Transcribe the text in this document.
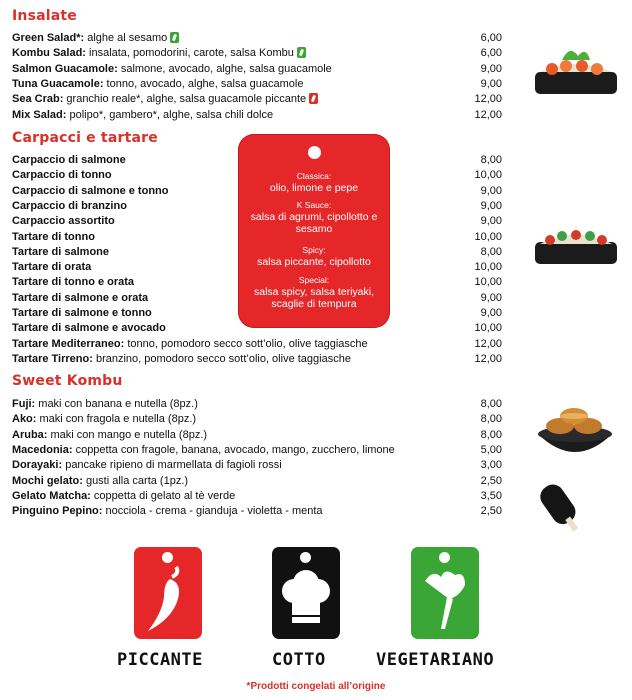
Insalate
Carpacci e tartare
Sweet Kombu
Green Salad*: alghe al sesamo	6,00
Kombu Salad: insalata, pomodorini, carote, salsa Kombu	6,00
Salmon Guacamole: salmone, avocado, alghe, salsa guacamole	9,00
Tuna Guacamole: tonno, avocado, alghe, salsa guacamole	9,00
Sea Crab: granchio reale*, alghe, salsa guacamole piccante	12,00
Mix Salad: polipo*, gambero*, alghe, salsa chili dolce	12,00
Carpaccio di salmone	8,00
Carpaccio di tonno	10,00
Carpaccio di salmone e tonno	9,00
Carpaccio di branzino	9,00
Carpaccio assortito	9,00
Tartare di tonno	10,00
Tartare di salmone	8,00
Tartare di orata	10,00
Tartare di tonno e orata	10,00
Tartare di salmone e orata	9,00
Tartare di salmone e tonno	9,00
Tartare di salmone e avocado	10,00
Tartare Mediterraneo: tonno, pomodoro secco sott’olio, olive taggiasche	12,00
Tartare Tirreno: branzino, pomodoro secco sott’olio, olive taggiasche	12,00
Fuji: maki con banana e nutella (8pz.)	8,00
Ako: maki con fragola e nutella (8pz.)	8,00
Aruba: maki con mango e nutella (8pz.)	8,00
Macedonia: coppetta con fragole, banana, avocado, mango, zucchero, limone	5,00
Dorayaki: pancake ripieno di marmellata di fagioli rossi	3,00
Mochi gelato: gusti alla carta (1pz.)	2,50
Gelato Matcha: coppetta di gelato al tè verde	3,50
Pinguino Pepino: nocciola - crema - gianduja - violetta - menta	2,50
Classica:
olio, limone e pepe
K Sauce:
salsa di agrumi, cipollotto e sesamo
Spicy:
salsa piccante, cipollotto
Special:
salsa spicy, salsa teriyaki, scaglie di tempura
PICCANTE	COTTO	VEGETARIANO
*Prodotti congelati all’origine
